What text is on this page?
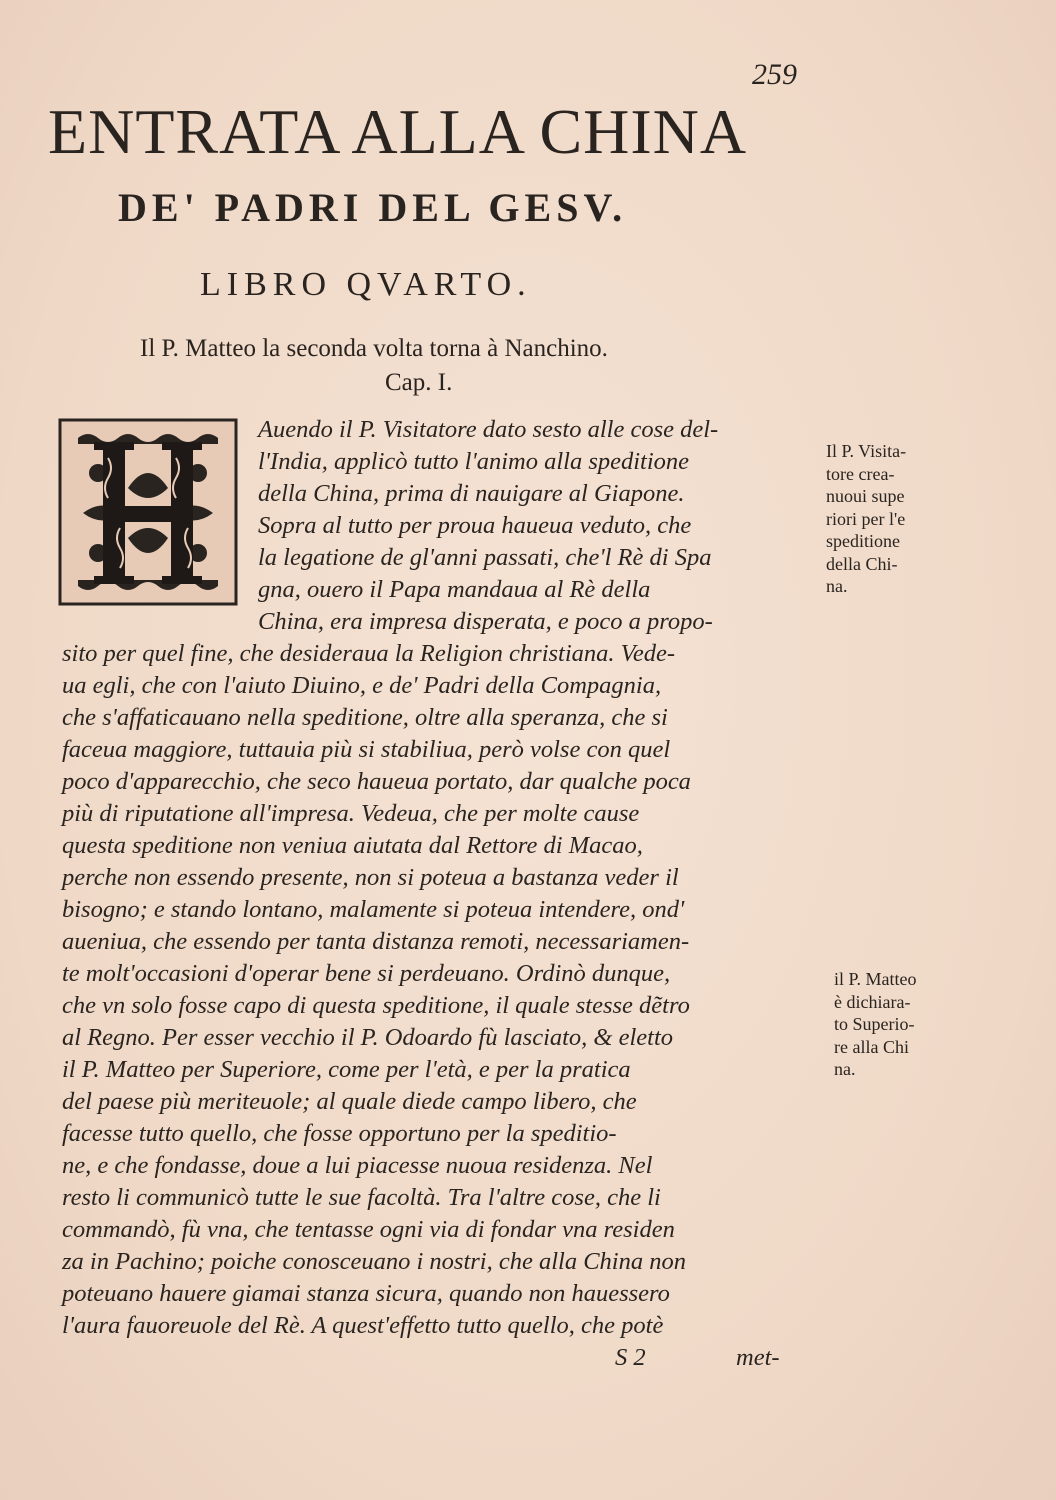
259
ENTRATA ALLA CHINA
DE' PADRI DEL GESV.
LIBRO QVARTO.
Il P. Matteo la seconda volta torna à Nanchino.
Cap. I.
Auendo il P. Visitatore dato sesto alle cose del-
l'India, applicò tutto l'animo alla speditione
della China, prima di nauigare al Giapone.
Sopra al tutto per proua haueua veduto, che
la legatione de gl'anni passati, che'l Rè di Spa
gna, ouero il Papa mandaua al Rè della
China, era impresa disperata, e poco a propo-
sito per quel fine, che desideraua la Religion christiana. Vede-
ua egli, che con l'aiuto Diuino, e de' Padri della Compagnia,
che s'affaticauano nella speditione, oltre alla speranza, che si
faceua maggiore, tuttauia più si stabiliua, però volse con quel
poco d'apparecchio, che seco haueua portato, dar qualche poca
più di riputatione all'impresa. Vedeua, che per molte cause
questa speditione non veniua aiutata dal Rettore di Macao,
perche non essendo presente, non si poteua a bastanza veder il
bisogno; e stando lontano, malamente si poteua intendere, ond'
aueniua, che essendo per tanta distanza remoti, necessariamen-
te molt'occasioni d'operar bene si perdeuano. Ordinò dunque,
che vn solo fosse capo di questa speditione, il quale stesse dẽtro
al Regno. Per esser vecchio il P. Odoardo fù lasciato, & eletto
il P. Matteo per Superiore, come per l'età, e per la pratica
del paese più meriteuole; al quale diede campo libero, che
facesse tutto quello, che fosse opportuno per la speditio-
ne, e che fondasse, doue a lui piacesse nuoua residenza. Nel
resto li communicò tutte le sue facoltà. Tra l'altre cose, che li
commandò, fù vna, che tentasse ogni via di fondar vna residen
za in Pachino; poiche conosceuano i nostri, che alla China non
poteuano hauere giamai stanza sicura, quando non hauessero
l'aura fauoreuole del Rè. A quest'effetto tutto quello, che potè
S 2	met-
Il P. Visita-
tore crea-
nuoui supe
riori per l'e
speditione
della Chi-
na.
il P. Matteo
è dichiara-
to Superio-
re alla Chi
na.
